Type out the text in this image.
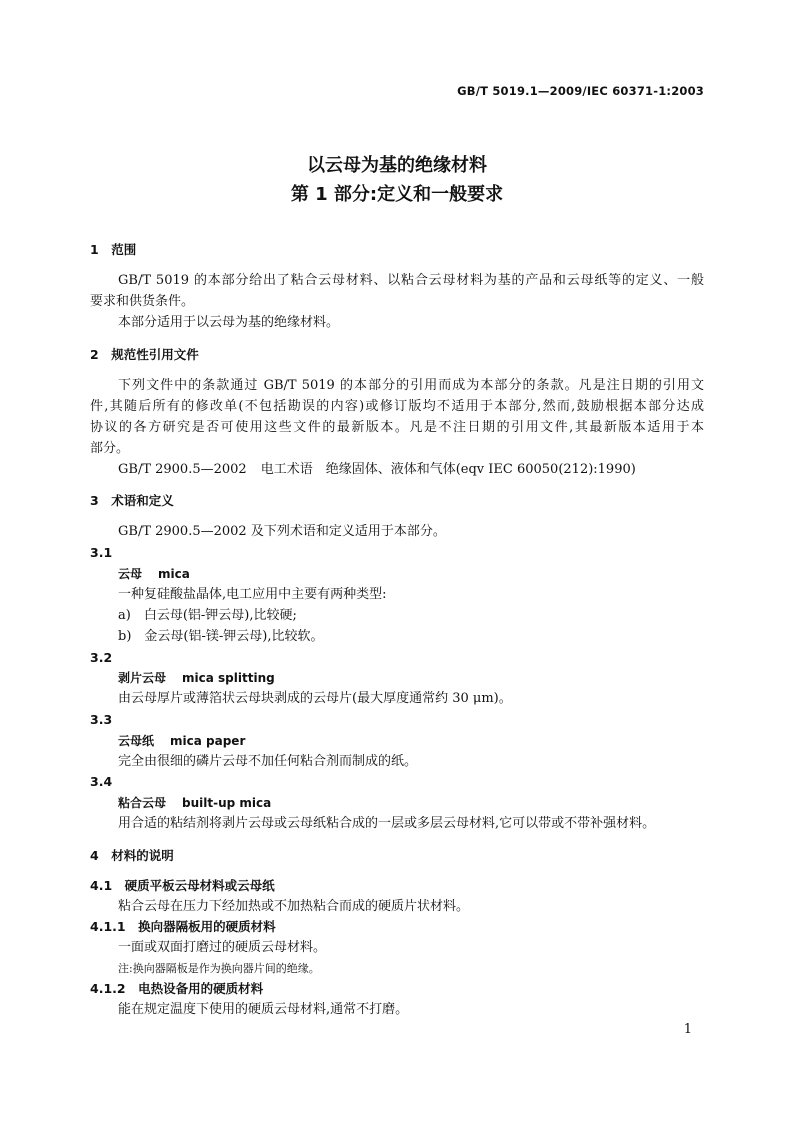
GB/T 5019.1—2009/IEC 60371-1:2003
以云母为基的绝缘材料
第 1 部分:定义和一般要求
1　范围
GB/T 5019 的本部分给出了粘合云母材料、以粘合云母材料为基的产品和云母纸等的定义、一般
要求和供货条件。
本部分适用于以云母为基的绝缘材料。
2　规范性引用文件
下列文件中的条款通过 GB/T 5019 的本部分的引用而成为本部分的条款。凡是注日期的引用文
件,其随后所有的修改单(不包括勘误的内容)或修订版均不适用于本部分,然而,鼓励根据本部分达成
协议的各方研究是否可使用这些文件的最新版本。凡是不注日期的引用文件,其最新版本适用于本
部分。
GB/T 2900.5—2002 电工术语　绝缘固体、液体和气体(eqv IEC 60050(212):1990)
3　术语和定义
GB/T 2900.5—2002 及下列术语和定义适用于本部分。
3.1
云母 mica
一种复硅酸盐晶体,电工应用中主要有两种类型:
a)　白云母(铝-钾云母),比较硬;
b)　金云母(铝-镁-钾云母),比较软。
3.2
剥片云母 mica splitting
由云母厚片或薄箔状云母块剥成的云母片(最大厚度通常约 30 μm)。
3.3
云母纸 mica paper
完全由很细的磷片云母不加任何粘合剂而制成的纸。
3.4
粘合云母 built-up mica
用合适的粘结剂将剥片云母或云母纸粘合成的一层或多层云母材料,它可以带或不带补强材料。
4　材料的说明
4.1　硬质平板云母材料或云母纸
粘合云母在压力下经加热或不加热粘合而成的硬质片状材料。
4.1.1　换向器隔板用的硬质材料
一面或双面打磨过的硬质云母材料。
注:换向器隔板是作为换向器片间的绝缘。
4.1.2　电热设备用的硬质材料
能在规定温度下使用的硬质云母材料,通常不打磨。
1
